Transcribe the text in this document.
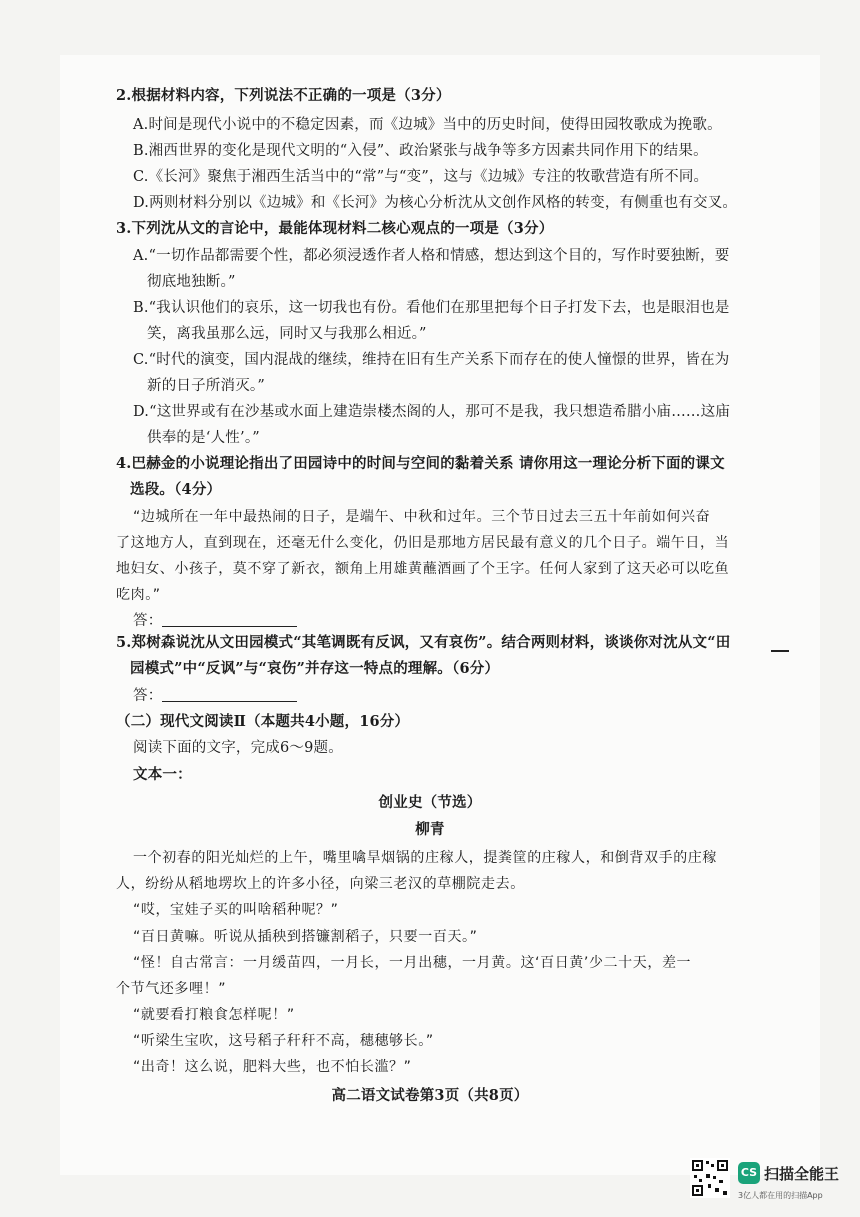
2.根据材料内容，下列说法不正确的一项是（3分）
A.时间是现代小说中的不稳定因素，而《边城》当中的历史时间，使得田园牧歌成为挽歌。
B.湘西世界的变化是现代文明的“入侵”、政治紧张与战争等多方因素共同作用下的结果。
C.《长河》聚焦于湘西生活当中的“常”与“变”，这与《边城》专注的牧歌营造有所不同。
D.两则材料分别以《边城》和《长河》为核心分析沈从文创作风格的转变，有侧重也有交叉。
3.下列沈从文的言论中，最能体现材料二核心观点的一项是（3分）
A.“一切作品都需要个性，都必须浸透作者人格和情感，想达到这个目的，写作时要独断，要
彻底地独断。”
B.“我认识他们的哀乐，这一切我也有份。看他们在那里把每个日子打发下去，也是眼泪也是
笑，离我虽那么远，同时又与我那么相近。”
C.“时代的演变，国内混战的继续，维持在旧有生产关系下而存在的使人憧憬的世界，皆在为
新的日子所消灭。”
D.“这世界或有在沙基或水面上建造崇楼杰阁的人，那可不是我，我只想造希腊小庙……这庙
供奉的是‘人性’。”
4.巴赫金的小说理论指出了田园诗中的时间与空间的黏着关系 请你用这一理论分析下面的课文
选段。（4分）
“边城所在一年中最热闹的日子，是端午、中秋和过年。三个节日过去三五十年前如何兴奋
了这地方人，直到现在，还毫无什么变化，仍旧是那地方居民最有意义的几个日子。端午日，当
地妇女、小孩子，莫不穿了新衣，额角上用雄黄蘸酒画了个王字。任何人家到了这天必可以吃鱼
吃肉。”
答：
5.郑树森说沈从文田园模式“其笔调既有反讽，又有哀伤”。结合两则材料，谈谈你对沈从文“田
园模式”中“反讽”与“哀伤”并存这一特点的理解。（6分）
答：
（二）现代文阅读Ⅱ（本题共4小题，16分）
阅读下面的文字，完成6～9题。
文本一：
创业史（节选）
柳青
一个初春的阳光灿烂的上午，嘴里噙旱烟锅的庄稼人，提粪筐的庄稼人，和倒背双手的庄稼
人，纷纷从稻地塄坎上的许多小径，向梁三老汉的草棚院走去。
“哎，宝娃子买的叫啥稻种呢？”
“百日黄嘛。听说从插秧到搭镰割稻子，只要一百天。”
“怪！自古常言：一月缓苗四，一月长，一月出穗，一月黄。这‘百日黄’少二十天，差一
个节气还多哩！”
“就要看打粮食怎样呢！”
“听梁生宝吹，这号稻子秆秆不高，穗穗够长。”
“出奇！这么说，肥料大些，也不怕长滥？”
高二语文试卷第3页（共8页）
CS 扫描全能王
3亿人都在用的扫描App
